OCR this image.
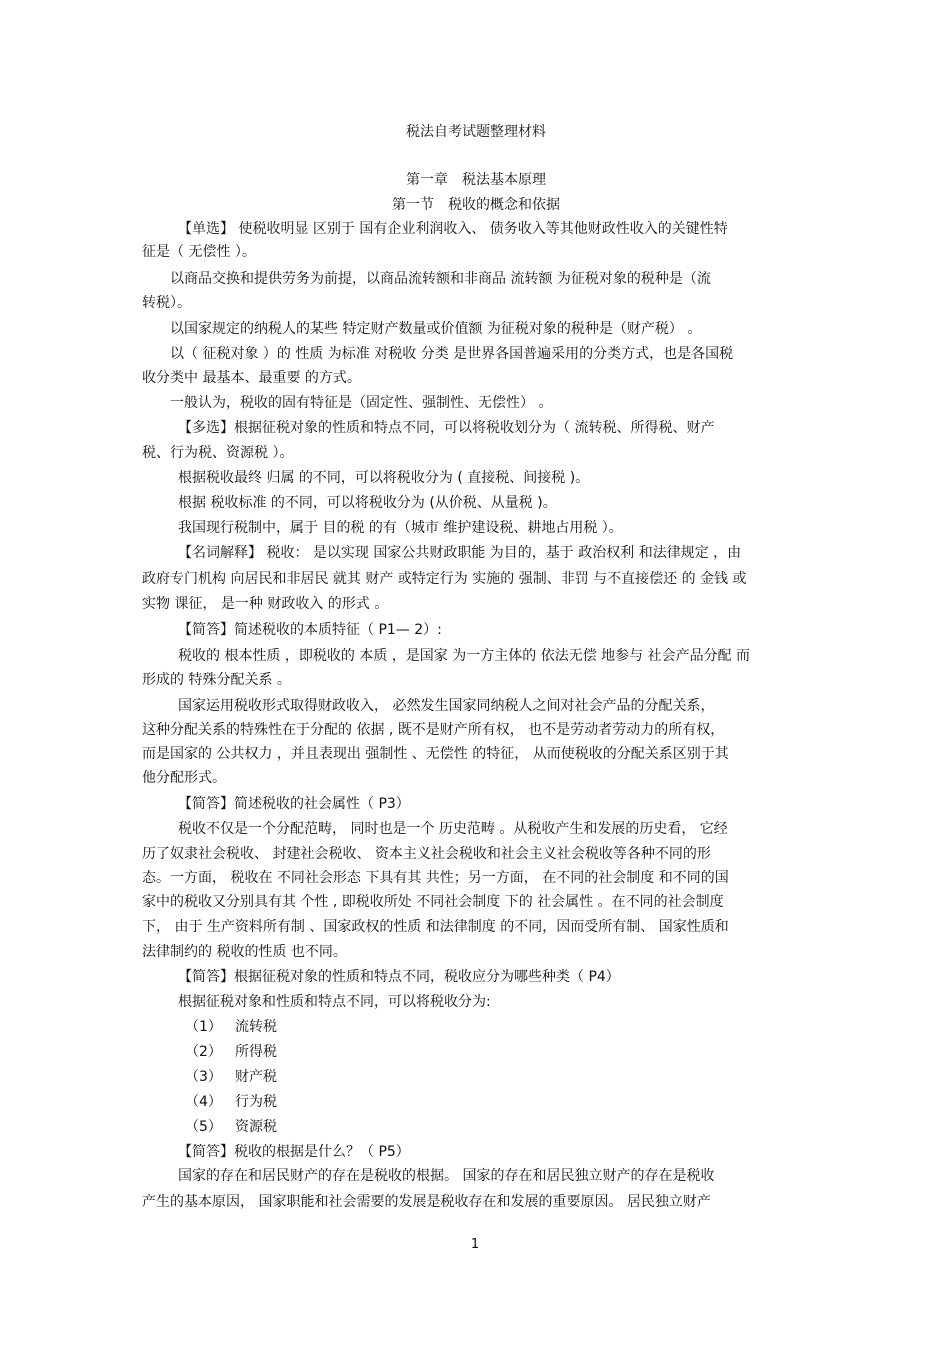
税法自考试题整理材料
第一章　税法基本原理
第一节　税收的概念和依据
【单选】 使税收明显 区别于 国有企业利润收入、 债务收入等其他财政性收入的关键性特
征是（ 无偿性 ）。
以商品交换和提供劳务为前提，以商品流转额和非商品 流转额 为征税对象的税种是（流
转税）。
以国家规定的纳税人的某些 特定财产数量或价值额 为征税对象的税种是（财产税） 。
以（ 征税对象 ）的 性质 为标准 对税收 分类 是世界各国普遍采用的分类方式，也是各国税
收分类中 最基本、最重要 的方式。
一般认为，税收的固有特征是（固定性、强制性、无偿性） 。
【多选】根据征税对象的性质和特点不同，可以将税收划分为（ 流转税、所得税、财产
税、行为税、资源税 ）。
根据税收最终 归属 的不同，可以将税收分为 ( 直接税、间接税 )。
根据 税收标准 的不同，可以将税收分为 (从价税、从量税 )。
我国现行税制中，属于 目的税 的有（城市 维护建设税、耕地占用税 ）。
【名词解释】 税收： 是以实现 国家公共财政职能 为目的，基于 政治权利 和法律规定 ，由
政府专门机构 向居民和非居民 就其 财产 或特定行为 实施的 强制、非罚 与不直接偿还 的 金钱 或
实物 课征， 是一种 财政收入 的形式 。
【简答】简述税收的本质特征（ P1— 2）:
税收的 根本性质 ，即税收的 本质 ，是国家 为一方主体的 依法无偿 地参与 社会产品分配 而
形成的 特殊分配关系 。
国家运用税收形式取得财政收入， 必然发生国家同纳税人之间对社会产品的分配关系，
这种分配关系的特殊性在于分配的 依据 , 既不是财产所有权， 也不是劳动者劳动力的所有权，
而是国家的 公共权力 ，并且表现出 强制性 、无偿性 的特征， 从而使税收的分配关系区别于其
他分配形式。
【简答】简述税收的社会属性（ P3）
税收不仅是一个分配范畴， 同时也是一个 历史范畴 。从税收产生和发展的历史看， 它经
历了奴隶社会税收、 封建社会税收、 资本主义社会税收和社会主义社会税收等各种不同的形
态。一方面， 税收在 不同社会形态 下具有其 共性；另一方面， 在不同的社会制度 和不同的国
家中的税收又分别具有其 个性 , 即税收所处 不同社会制度 下的 社会属性 。在不同的社会制度
下， 由于 生产资料所有制 、国家政权的性质 和法律制度 的不同，因而受所有制、 国家性质和
法律制约的 税收的性质 也不同。
【简答】根据征税对象的性质和特点不同，税收应分为哪些种类（ P4）
根据征税对象和性质和特点不同，可以将税收分为:
（1） 流转税
（2） 所得税
（3） 财产税
（4） 行为税
（5） 资源税
【简答】税收的根据是什么？（ P5）
国家的存在和居民财产的存在是税收的根据。 国家的存在和居民独立财产的存在是税收
产生的基本原因， 国家职能和社会需要的发展是税收存在和发展的重要原因。 居民独立财产
1
